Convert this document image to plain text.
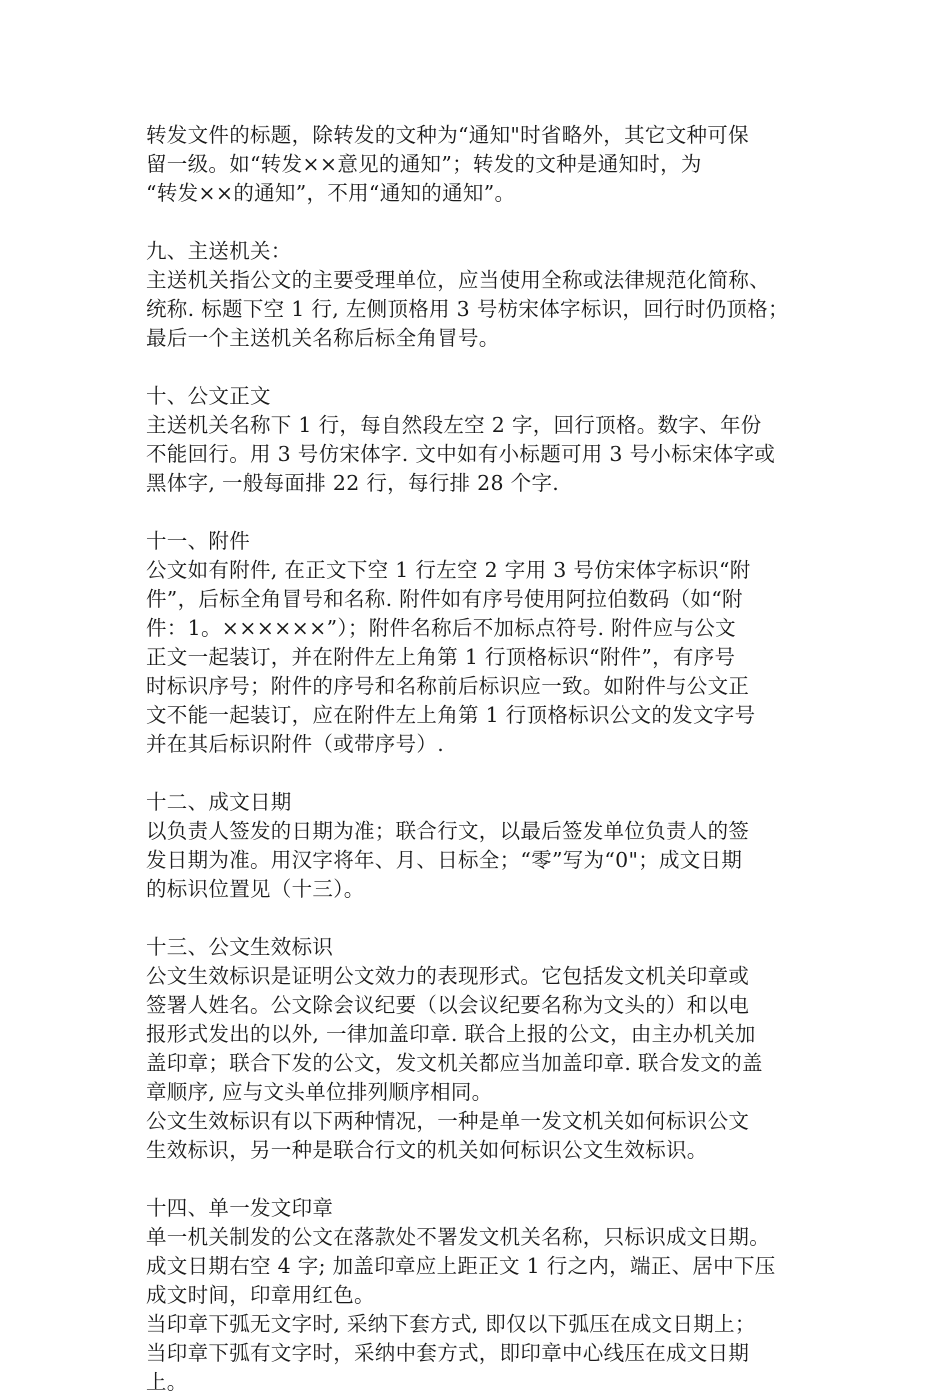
转发文件的标题，除转发的文种为“通知"时省略外，其它文种可保
留一级。如“转发××意见的通知”；转发的文种是通知时，为
“转发××的通知”，不用“通知的通知”。

九、主送机关：

主送机关指公文的主要受理单位，应当使用全称或法律规范化简称、
统称. 标题下空 1 行, 左侧顶格用 3 号枋宋体字标识，回行时仍顶格；
最后一个主送机关名称后标全角冒号。

十、公文正文

主送机关名称下 1 行，每自然段左空 2 字，回行顶格。数字、年份
不能回行。用 3 号仿宋体字. 文中如有小标题可用 3 号小标宋体字或
黑体字, 一般每面排 22 行，每行排 28 个字.

十一、附件

公文如有附件, 在正文下空 1 行左空 2 字用 3 号仿宋体字标识“附
件”，后标全角冒号和名称. 附件如有序号使用阿拉伯数码（如“附
件：1。××××××”）；附件名称后不加标点符号. 附件应与公文
正文一起装订，并在附件左上角第 1 行顶格标识“附件”，有序号
时标识序号；附件的序号和名称前后标识应一致。如附件与公文正
文不能一起装订，应在附件左上角第 1 行顶格标识公文的发文字号
并在其后标识附件（或带序号）.

十二、成文日期

以负责人签发的日期为准；联合行文，以最后签发单位负责人的签
发日期为准。用汉字将年、月、日标全；“零”写为“0"；成文日期
的标识位置见（十三）。

十三、公文生效标识

公文生效标识是证明公文效力的表现形式。它包括发文机关印章或
签署人姓名。公文除会议纪要（以会议纪要名称为文头的）和以电
报形式发出的以外, 一律加盖印章. 联合上报的公文，由主办机关加
盖印章；联合下发的公文，发文机关都应当加盖印章. 联合发文的盖
章顺序, 应与文头单位排列顺序相同。

公文生效标识有以下两种情况，一种是单一发文机关如何标识公文
生效标识，另一种是联合行文的机关如何标识公文生效标识。

十四、单一发文印章

单一机关制发的公文在落款处不署发文机关名称，只标识成文日期。
成文日期右空 4 字; 加盖印章应上距正文 1 行之内，端正、居中下压
成文时间，印章用红色。

当印章下弧无文字时, 采纳下套方式, 即仅以下弧压在成文日期上；
当印章下弧有文字时，采纳中套方式，即印章中心线压在成文日期
上。
